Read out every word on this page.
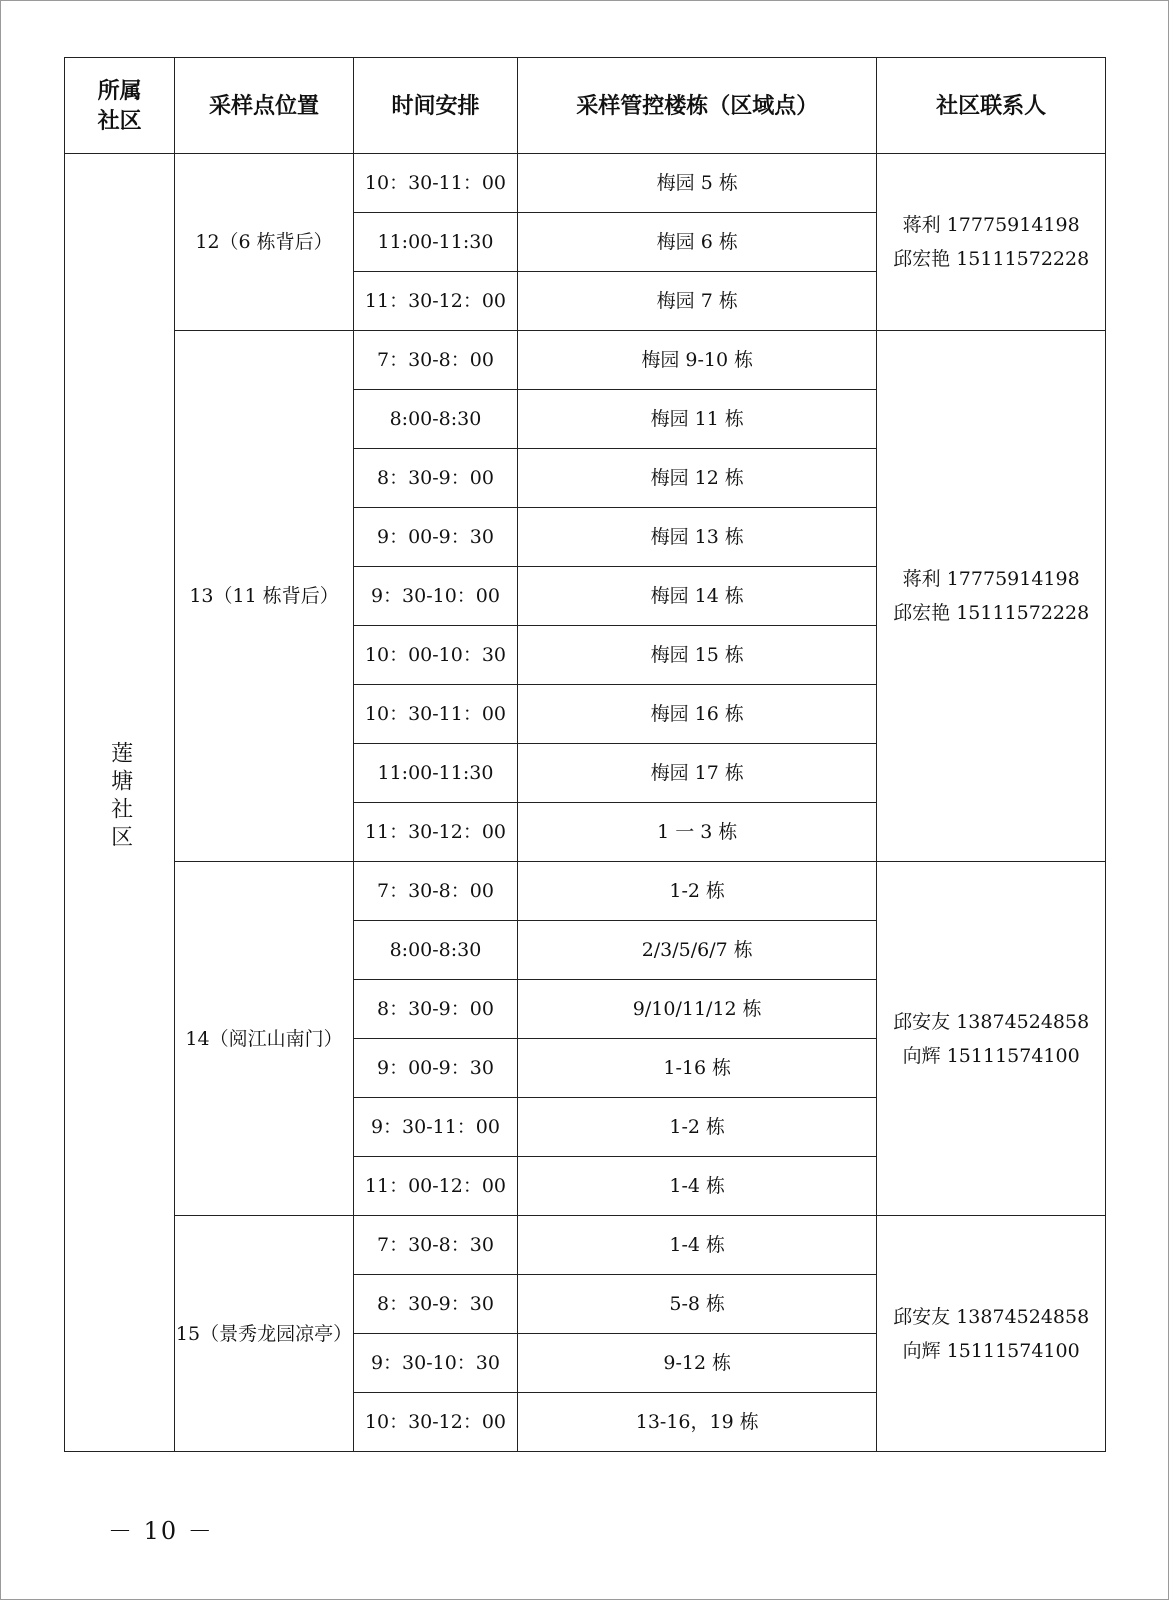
所属社区	采样点位置	时间安排	采样管控楼栋（区域点）	社区联系人
莲塘社区	12（6 栋背后）	10：30-11：00	梅园 5 栋	蒋利 17775914198
邱宏艳 15111572228

		11:00-11:30	梅园 6 栋	
		11：30-12：00	梅园 7 栋	
	13（11 栋背后）	7：30-8：00	梅园 9-10 栋	蒋利 17775914198
邱宏艳 15111572228

		8:00-8:30	梅园 11 栋	
		8：30-9：00	梅园 12 栋	
		9：00-9：30	梅园 13 栋	
		9：30-10：00	梅园 14 栋	
		10：00-10：30	梅园 15 栋	
		10：30-11：00	梅园 16 栋	
		11:00-11:30	梅园 17 栋	
		11：30-12：00	1 一 3 栋	
	14（阅江山南门）	7：30-8：00	1-2 栋	邱安友 13874524858
向辉 15111574100

		8:00-8:30	2/3/5/6/7 栋	
		8：30-9：00	9/10/11/12 栋	
		9：00-9：30	1-16 栋	
		9：30-11：00	1-2 栋	
		11：00-12：00	1-4 栋	
	15（景秀龙园凉亭）	7：30-8：30	1-4 栋	邱安友 13874524858
向辉 15111574100

		8：30-9：30	5-8 栋	
		9：30-10：30	9-12 栋	
		10：30-12：00	13-16，19 栋	
－ 10 －
